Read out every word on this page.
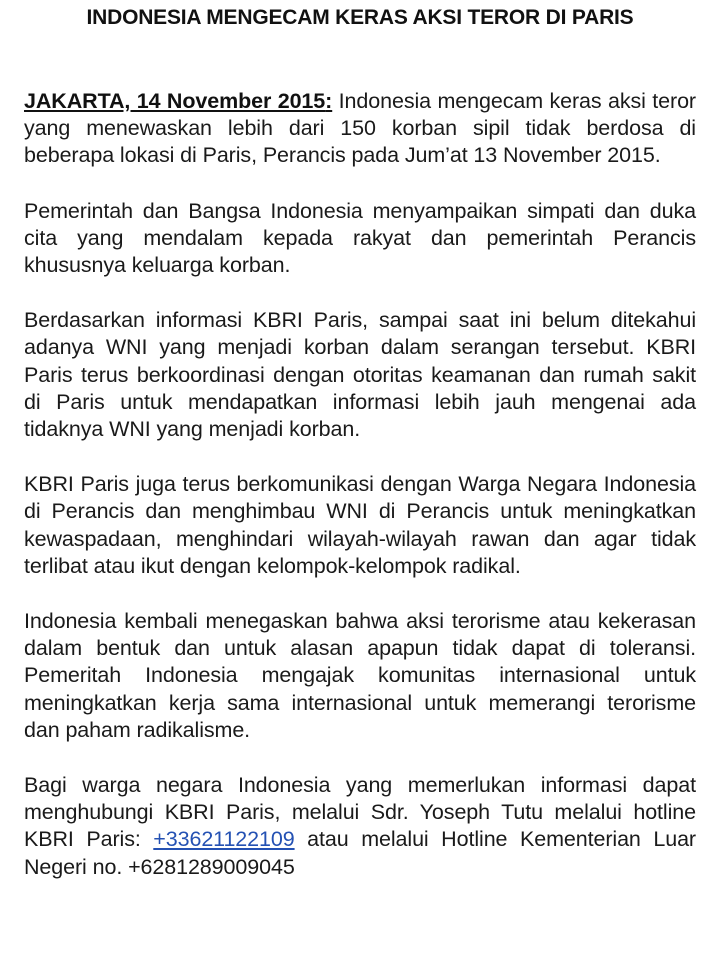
INDONESIA MENGECAM KERAS AKSI TEROR DI PARIS

JAKARTA, 14 November 2015: Indonesia mengecam keras aksi teror yang menewaskan lebih dari 150 korban sipil tidak berdosa di beberapa lokasi di Paris, Perancis pada Jum’at 13 November 2015.

Pemerintah dan Bangsa Indonesia menyampaikan simpati dan duka cita yang mendalam kepada rakyat dan pemerintah Perancis khususnya keluarga korban.

Berdasarkan informasi KBRI Paris, sampai saat ini belum ditekahui adanya WNI yang menjadi korban dalam serangan tersebut. KBRI Paris terus berkoordinasi dengan otoritas keamanan dan rumah sakit di Paris untuk mendapatkan informasi lebih jauh mengenai ada tidaknya WNI yang menjadi korban.

KBRI Paris juga terus berkomunikasi dengan Warga Negara Indonesia di Perancis dan menghimbau WNI di Perancis untuk meningkatkan kewaspadaan, menghindari wilayah-wilayah rawan dan agar tidak terlibat atau ikut dengan kelompok-kelompok radikal.

Indonesia kembali menegaskan bahwa aksi terorisme atau kekerasan dalam bentuk dan untuk alasan apapun tidak dapat di toleransi. Pemeritah Indonesia mengajak komunitas internasional untuk meningkatkan kerja sama internasional untuk memerangi terorisme dan paham radikalisme.

Bagi warga negara Indonesia yang memerlukan informasi dapat menghubungi KBRI Paris, melalui Sdr. Yoseph Tutu melalui hotline KBRI Paris: +33621122109 atau melalui Hotline Kementerian Luar Negeri no. +6281289009045
